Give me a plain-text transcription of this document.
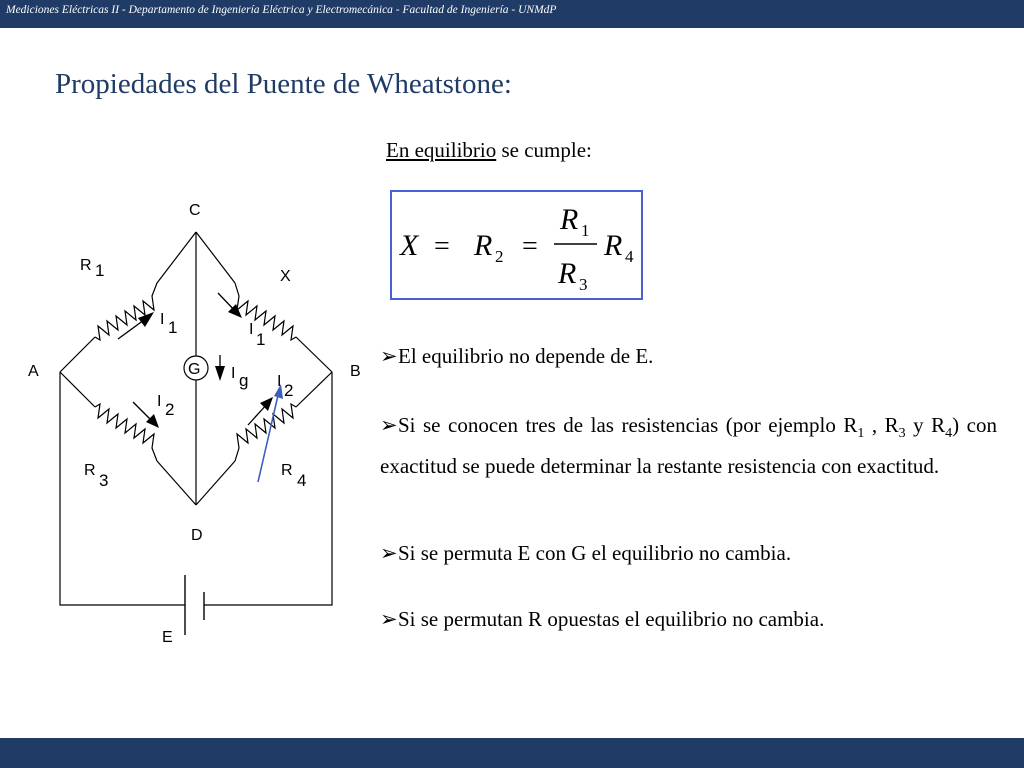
Mediciones Eléctricas II - Departamento de Ingeniería Eléctrica y Electromecánica - Facultad de Ingeniería - UNMdP
Propiedades del Puente de Wheatstone:
En equilibrio se cumple:
X = R 2 =
R 1
R 3
R 4
C
A	B
D
E
G
X
R 1
R
3
R
4
I 1	I
1
I g
I 2
I 2
➢El equilibrio no depende de E.
➢Si se conocen tres de las resistencias (por ejemplo $R_1$ , $R_3$ y $R_4$) con exactitud se puede determinar la restante resistencia con exactitud.
➢Si se permuta E con G el equilibrio no cambia.
➢Si se permutan R opuestas el equilibrio no cambia.
